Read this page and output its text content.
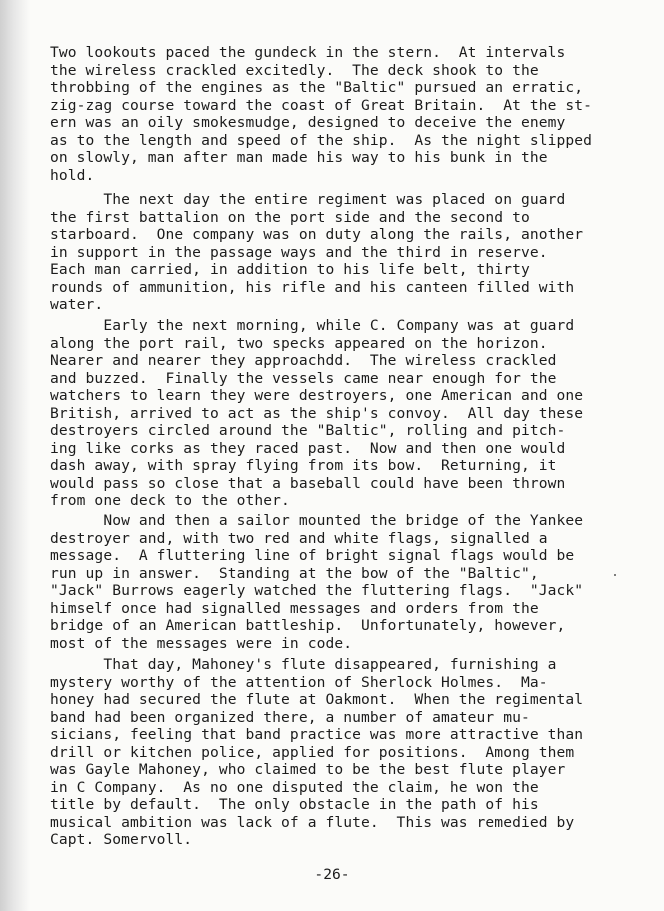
Two lookouts paced the gundeck in the stern.  At intervals
the wireless crackled excitedly.  The deck shook to the
throbbing of the engines as the "Baltic" pursued an erratic,
zig-zag course toward the coast of Great Britain.  At the st-
ern was an oily smokesmudge, designed to deceive the enemy
as to the length and speed of the ship.  As the night slipped
on slowly, man after man made his way to his bunk in the
hold.

The next day the entire regiment was placed on guard
the first battalion on the port side and the second to
starboard.  One company was on duty along the rails, another
in support in the passage ways and the third in reserve.
Each man carried, in addition to his life belt, thirty
rounds of ammunition, his rifle and his canteen filled with
water.

Early the next morning, while C. Company was at guard
along the port rail, two specks appeared on the horizon.
Nearer and nearer they approachdd.  The wireless crackled
and buzzed.  Finally the vessels came near enough for the
watchers to learn they were destroyers, one American and one
British, arrived to act as the ship's convoy.  All day these
destroyers circled around the "Baltic", rolling and pitch-
ing like corks as they raced past.  Now and then one would
dash away, with spray flying from its bow.  Returning, it
would pass so close that a baseball could have been thrown
from one deck to the other.

Now and then a sailor mounted the bridge of the Yankee
destroyer and, with two red and white flags, signalled a
message.  A fluttering line of bright signal flags would be
run up in answer.  Standing at the bow of the "Baltic",
"Jack" Burrows eagerly watched the fluttering flags.  "Jack"
himself once had signalled messages and orders from the
bridge of an American battleship.  Unfortunately, however,
most of the messages were in code.

That day, Mahoney's flute disappeared, furnishing a
mystery worthy of the attention of Sherlock Holmes.  Ma-
honey had secured the flute at Oakmont.  When the regimental
band had been organized there, a number of amateur mu-
sicians, feeling that band practice was more attractive than
drill or kitchen police, applied for positions.  Among them
was Gayle Mahoney, who claimed to be the best flute player
in C Company.  As no one disputed the claim, he won the
title by default.  The only obstacle in the path of his
musical ambition was lack of a flute.  This was remedied by
Capt. Somervoll.

-26-
